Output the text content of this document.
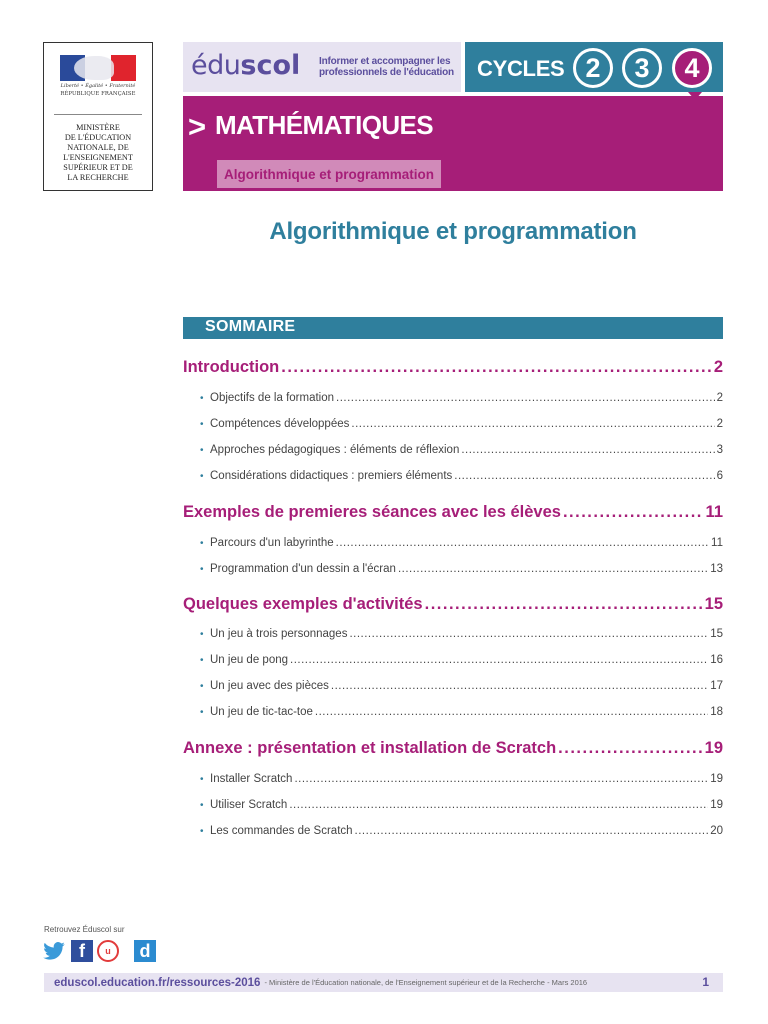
Liberté • Égalité • Fraternité
RÉPUBLIQUE FRANÇAISE
MINISTÈRE
DE L'ÉDUCATION
NATIONALE, DE
L'ENSEIGNEMENT
SUPÉRIEUR ET DE
LA RECHERCHE
éduscol Informer et accompagner les professionnels de l'éducation	CYCLES 2	3	4
> MATHÉMATIQUES
Algorithmique et programmation
Algorithmique et programmation
SOMMAIRE
Introduction .....	2
• Objectifs de la formation .....	2
• Compétences développées .....	2
• Approches pédagogiques : éléments de réflexion .....	3
• Considérations didactiques : premiers éléments .....	6
Exemples de premieres séances avec les élèves .....	11
• Parcours d'un labyrinthe .....	11
• Programmation d'un dessin a l'écran .....	13
Quelques exemples d'activités .....	15
• Un jeu à trois personnages .....	15
• Un jeu de pong .....	16
• Un jeu avec des pièces .....	17
• Un jeu de tic-tac-toe .....	18
Annexe : présentation et installation de Scratch .....	19
• Installer Scratch .....	19
• Utiliser Scratch .....	19
• Les commandes de Scratch .....	20
Retrouvez Éduscol sur
f	u	d
eduscol.education.fr/ressources-2016 - Ministère de l'Éducation nationale, de l'Enseignement supérieur et de la Recherche - Mars 2016	1
